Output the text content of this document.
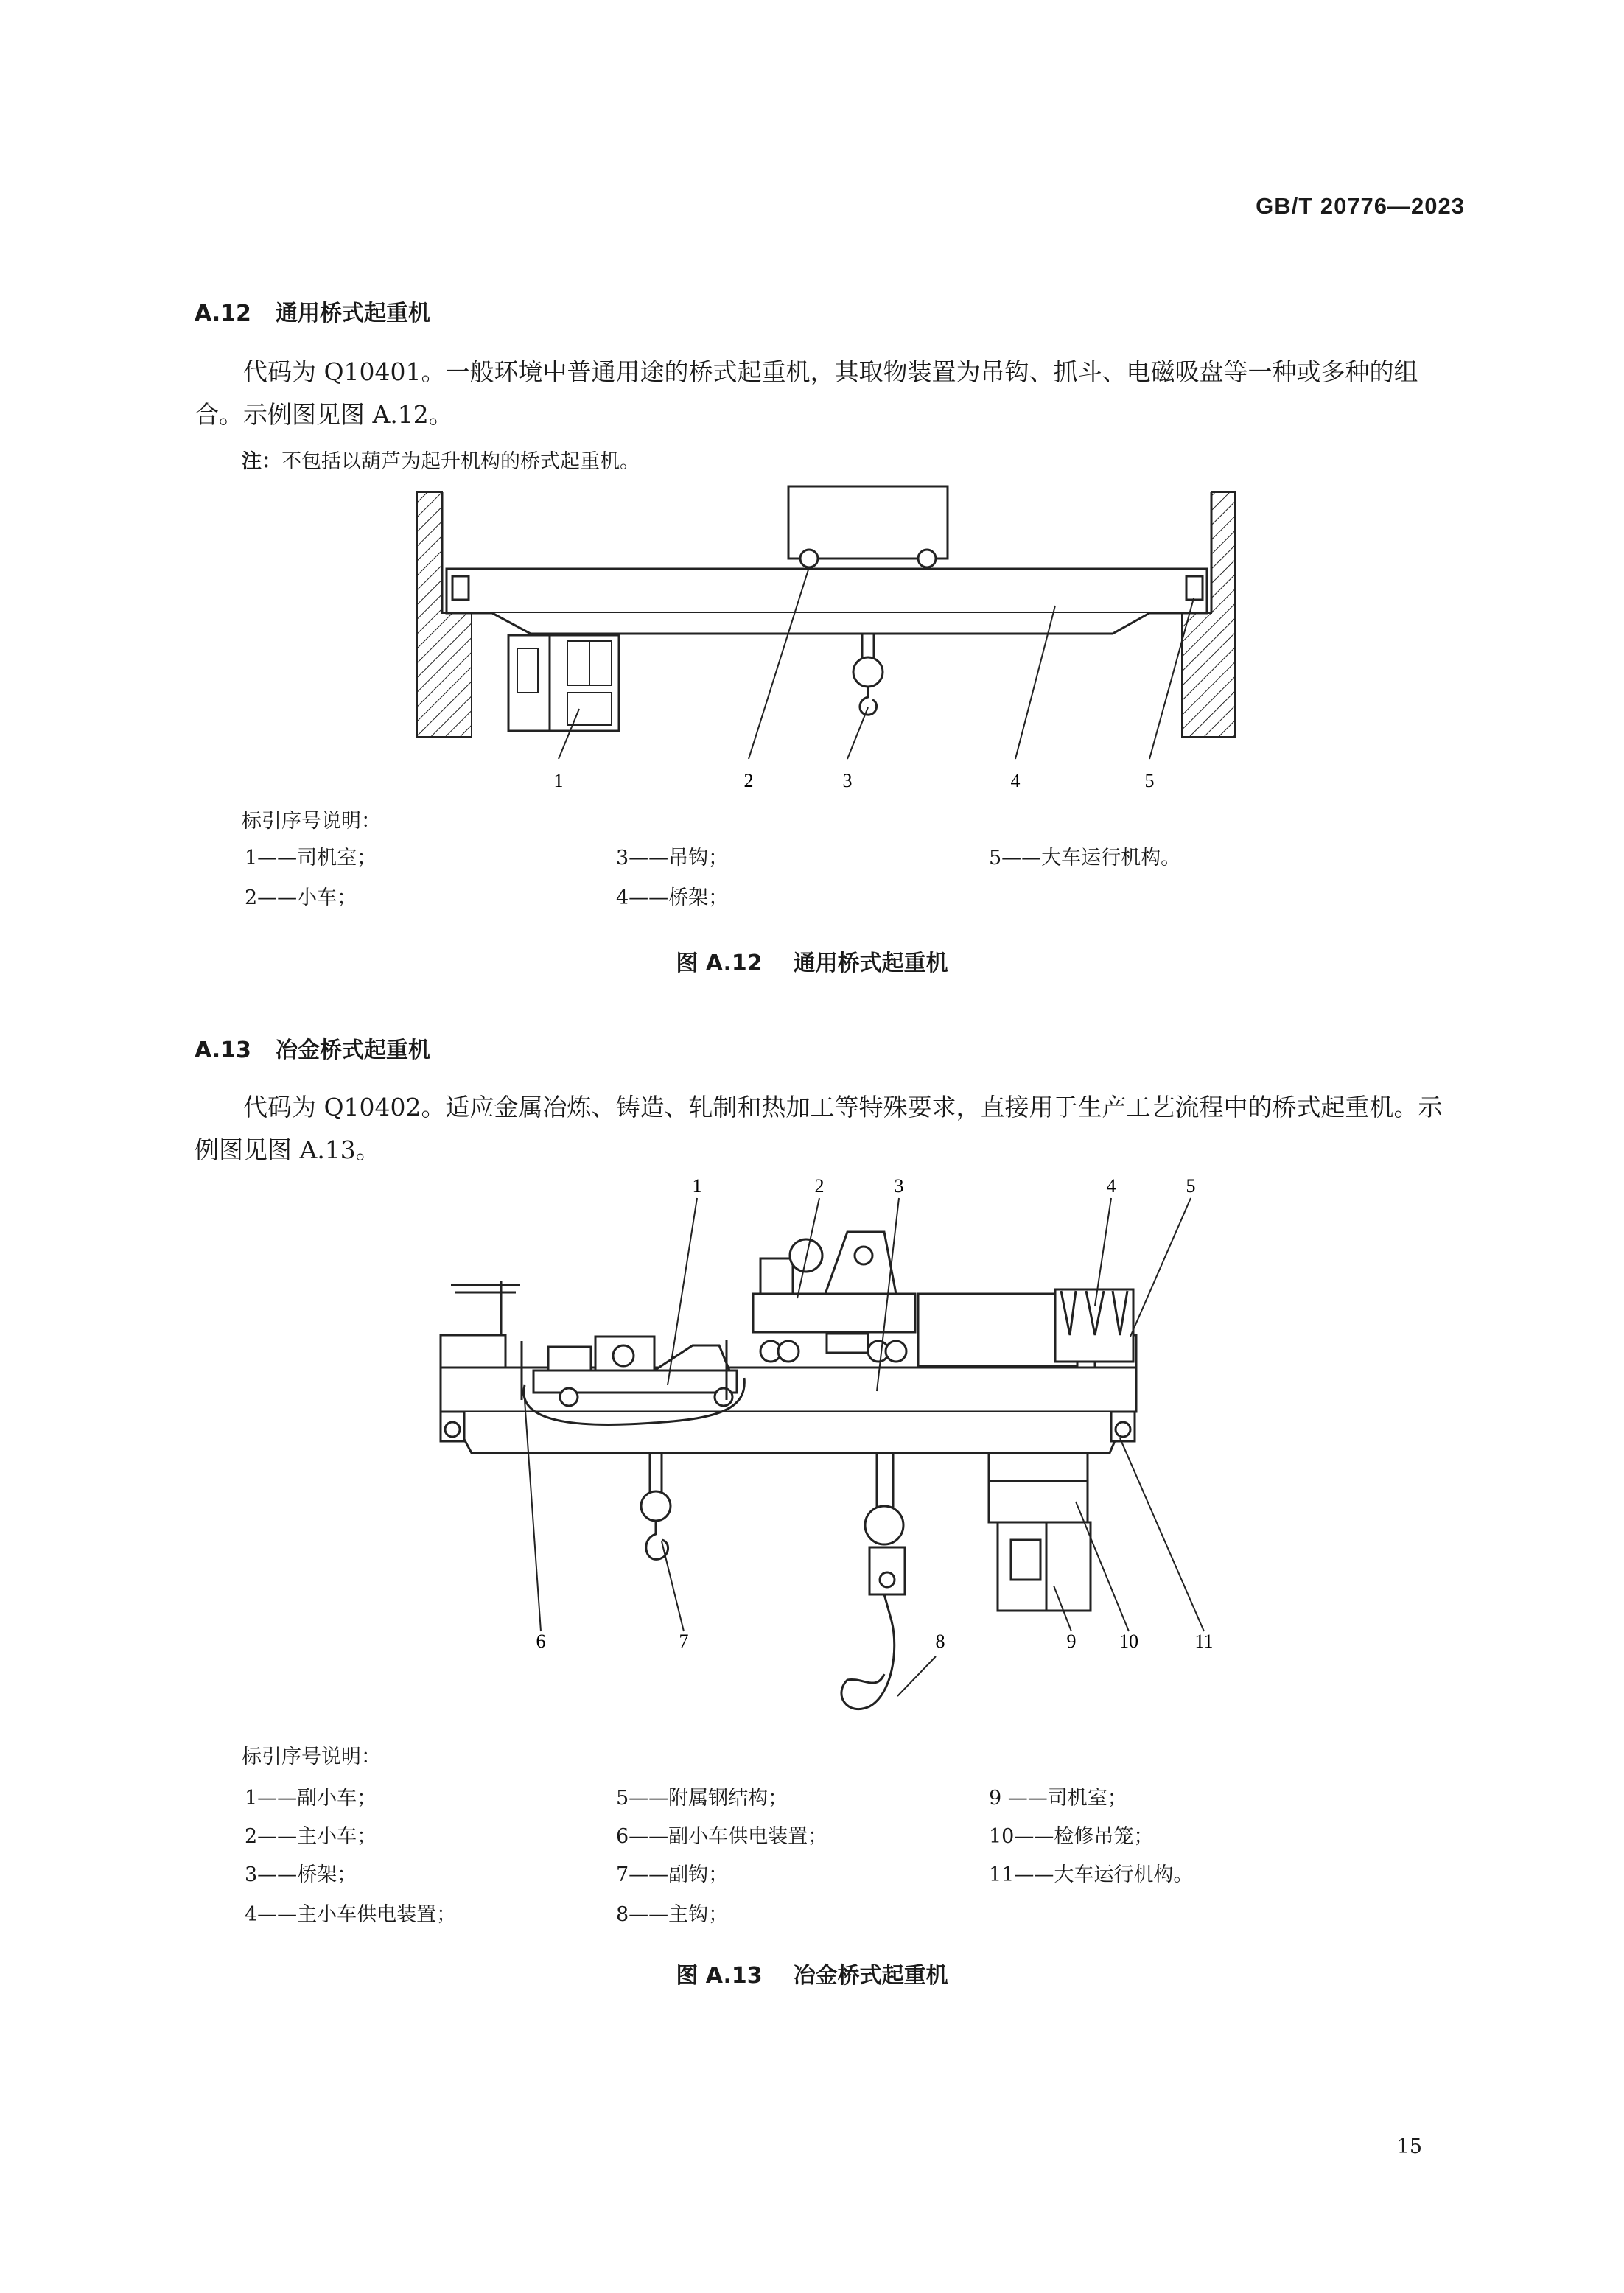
GB/T 20776—2023
A.12 通用桥式起重机
代码为 Q10401。一般环境中普通用途的桥式起重机，其取物装置为吊钩、抓斗、电磁吸盘等一种或多种的组合。示例图见图 A.12。
注：不包括以葫芦为起升机构的桥式起重机。
1	2	3	4	5
标引序号说明：
1——司机室；
2——小车；
3——吊钩；
4——桥架；
5——大车运行机构。
图 A.12 通用桥式起重机
A.13 冶金桥式起重机
代码为 Q10402。适应金属冶炼、铸造、轧制和热加工等特殊要求，直接用于生产工艺流程中的桥式起重机。示例图见图 A.13。
1	2	3	4	5
6	7	8	9 10	11
标引序号说明：
1——副小车；
2——主小车；
3——桥架；
4——主小车供电装置；
5——附属钢结构；
6——副小车供电装置；
7——副钩；
8——主钩；
9 ——司机室；
10——检修吊笼；
11——大车运行机构。
图 A.13 冶金桥式起重机
15
